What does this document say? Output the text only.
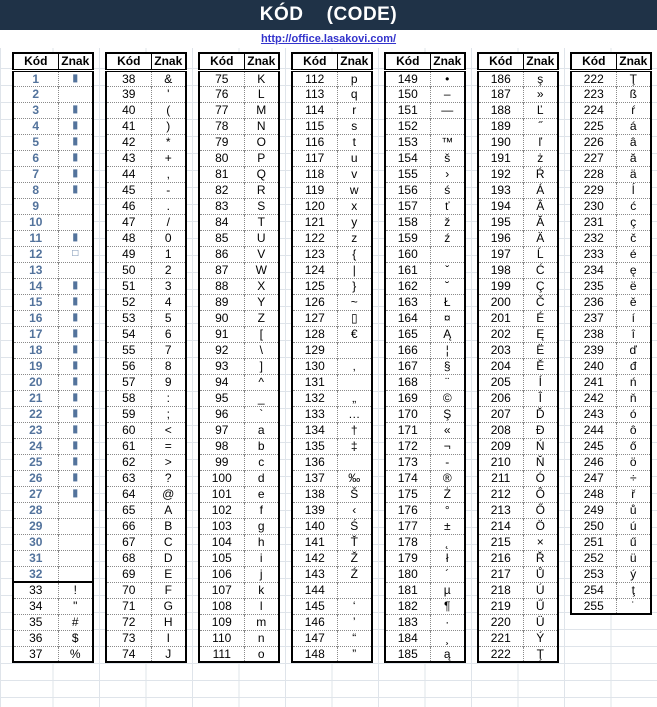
KÓD    (CODE)
http://office.lasakovi.com/
Kód	Znak
1	▮
2	
3	▮
4	▮
5	▮
6	▮
7	▮
8	▮
9	
10	
11	▮
12	□
13	
14	▮
15	▮
16	▮
17	▮
18	▮
19	▮
20	▮
21	▮
22	▮
23	▮
24	▮
25	▮
26	▮
27	▮
28	
29	
30	
31	
32	
33	!
34	"
35	#
36	$
37	%
Kód	Znak
38	&
39	'
40	(
41	)
42	*
43	+
44	,
45	-
46	.
47	/
48	0
49	1
50	2
51	3
52	4
53	5
54	6
55	7
56	8
57	9
58	:
59	;
60	<
61	=
62	>
63	?
64	@
65	A
66	B
67	C
68	D
69	E
70	F
71	G
72	H
73	I
74	J
Kód	Znak
75	K
76	L
77	M
78	N
79	O
80	P
81	Q
82	R
83	S
84	T
85	U
86	V
87	W
88	X
89	Y
90	Z
91	[
92	\
93	]
94	^
95	_
96	`
97	a
98	b
99	c
100	d
101	e
102	f
103	g
104	h
105	i
106	j
107	k
108	l
109	m
110	n
111	o
Kód	Znak
112	p
113	q
114	r
115	s
116	t
117	u
118	v
119	w
120	x
121	y
122	z
123	{
124	|
125	}
126	~
127	▯
128	€
129	
130	‚
131	
132	„
133	…
134	†
135	‡
136	
137	‰
138	Š
139	‹
140	Ś
141	Ť
142	Ž
143	Ź
144	
145	‘
146	’
147	“
148	”
Kód	Znak
149	•
150	–
151	—
152	
153	™
154	š
155	›
156	ś
157	ť
158	ž
159	ź
160	
161	ˇ
162	˘
163	Ł
164	¤
165	Ą
166	¦
167	§
168	¨
169	©
170	Ş
171	«
172	¬
173	-
174	®
175	Ż
176	°
177	±
178	˛
179	ł
180	´
181	µ
182	¶
183	·
184	¸
185	ą
Kód	Znak
186	ş
187	»
188	Ľ
189	˝
190	ľ
191	ż
192	Ŕ
193	Á
194	Â
195	Ă
196	Ä
197	Ĺ
198	Ć
199	Ç
200	Č
201	É
202	Ę
203	Ë
204	Ě
205	Í
206	Î
207	Ď
208	Đ
209	Ń
210	Ň
211	Ó
212	Ô
213	Ő
214	Ö
215	×
216	Ř
217	Ů
218	Ú
219	Ű
220	Ü
221	Ý
222	Ţ
Kód	Znak
222	Ţ
223	ß
224	ŕ
225	á
226	â
227	ă
228	ä
229	ĺ
230	ć
231	ç
232	č
233	é
234	ę
235	ë
236	ě
237	í
238	î
239	ď
240	đ
241	ń
242	ň
243	ó
244	ô
245	ő
246	ö
247	÷
248	ř
249	ů
250	ú
251	ű
252	ü
253	ý
254	ţ
255	˙
